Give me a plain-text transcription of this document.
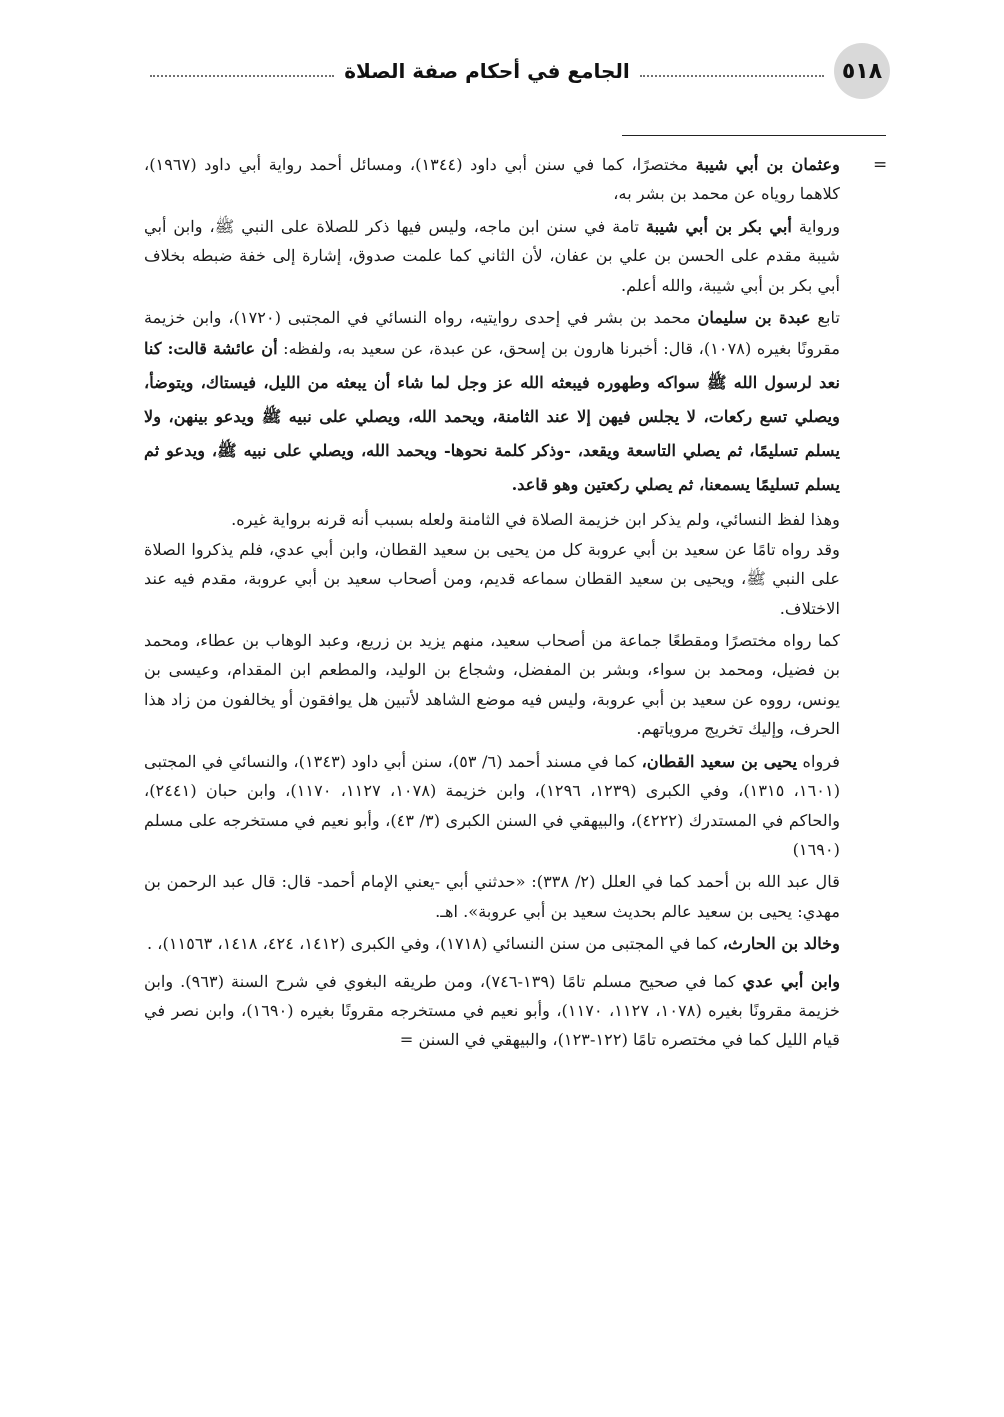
٥١٨
الجامع في أحكام صفة الصلاة
=

وعثمان بن أبي شيبة مختصرًا، كما في سنن أبي داود (١٣٤٤)، ومسائل أحمد رواية أبي داود (١٩٦٧)، كلاهما روياه عن محمد بن بشر به،

ورواية أبي بكر بن أبي شيبة تامة في سنن ابن ماجه، وليس فيها ذكر للصلاة على النبي ﷺ، وابن أبي شيبة مقدم على الحسن بن علي بن عفان، لأن الثاني كما علمت صدوق، إشارة إلى خفة ضبطه بخلاف أبي بكر بن أبي شيبة، والله أعلم.

تابع عبدة بن سليمان محمد بن بشر في إحدى روايتيه، رواه النسائي في المجتبى (١٧٢٠)، وابن خزيمة مقرونًا بغيره (١٠٧٨)، قال: أخبرنا هارون بن إسحق، عن عبدة، عن سعيد به، ولفظه: أن عائشة قالت: كنا نعد لرسول الله ﷺ سواكه وطهوره فيبعثه الله عز وجل لما شاء أن يبعثه من الليل، فيستاك، ويتوضأ، ويصلي تسع ركعات، لا يجلس فيهن إلا عند الثامنة، ويحمد الله، ويصلي على نبيه ﷺ ويدعو بينهن، ولا يسلم تسليمًا، ثم يصلي التاسعة ويقعد، -وذكر كلمة نحوها- ويحمد الله، ويصلي على نبيه ﷺ، ويدعو ثم يسلم تسليمًا يسمعنا، ثم يصلي ركعتين وهو قاعد.

وهذا لفظ النسائي، ولم يذكر ابن خزيمة الصلاة في الثامنة ولعله بسبب أنه قرنه برواية غيره.

وقد رواه تامًا عن سعيد بن أبي عروبة كل من يحيى بن سعيد القطان، وابن أبي عدي، فلم يذكروا الصلاة على النبي ﷺ، ويحيى بن سعيد القطان سماعه قديم، ومن أصحاب سعيد بن أبي عروبة، مقدم فيه عند الاختلاف.

كما رواه مختصرًا ومقطعًا جماعة من أصحاب سعيد، منهم يزيد بن زريع، وعبد الوهاب بن عطاء، ومحمد بن فضيل، ومحمد بن سواء، وبشر بن المفضل، وشجاع بن الوليد، والمطعم ابن المقدام، وعيسى بن يونس، رووه عن سعيد بن أبي عروبة، وليس فيه موضع الشاهد لأتبين هل يوافقون أو يخالفون من زاد هذا الحرف، وإليك تخريج مروياتهم.

فرواه يحيى بن سعيد القطان، كما في مسند أحمد (٦/ ٥٣)، سنن أبي داود (١٣٤٣)، والنسائي في المجتبى (١٦٠١، ١٣١٥)، وفي الكبرى (١٢٣٩، ١٢٩٦)، وابن خزيمة (١٠٧٨، ١١٢٧، ١١٧٠)، وابن حبان (٢٤٤١)، والحاكم في المستدرك (٤٢٢٢)، والبيهقي في السنن الكبرى (٣/ ٤٣)، وأبو نعيم في مستخرجه على مسلم (١٦٩٠)

قال عبد الله بن أحمد كما في العلل (٢/ ٣٣٨): «حدثني أبي -يعني الإمام أحمد- قال: قال عبد الرحمن بن مهدي: يحيى بن سعيد عالم بحديث سعيد بن أبي عروبة». اهـ.

وخالد بن الحارث، كما في المجتبى من سنن النسائي (١٧١٨)، وفي الكبرى (١٤١٢، ٤٢٤، ١٤١٨، ١١٥٦٣)، .

وابن أبي عدي كما في صحيح مسلم تامًا (١٣٩-٧٤٦)، ومن طريقه البغوي في شرح السنة (٩٦٣). وابن خزيمة مقرونًا بغيره (١٠٧٨، ١١٢٧، ١١٧٠)، وأبو نعيم في مستخرجه مقرونًا بغيره (١٦٩٠)، وابن نصر في قيام الليل كما في مختصره تامًا (١٢٢-١٢٣)، والبيهقي في السنن =
